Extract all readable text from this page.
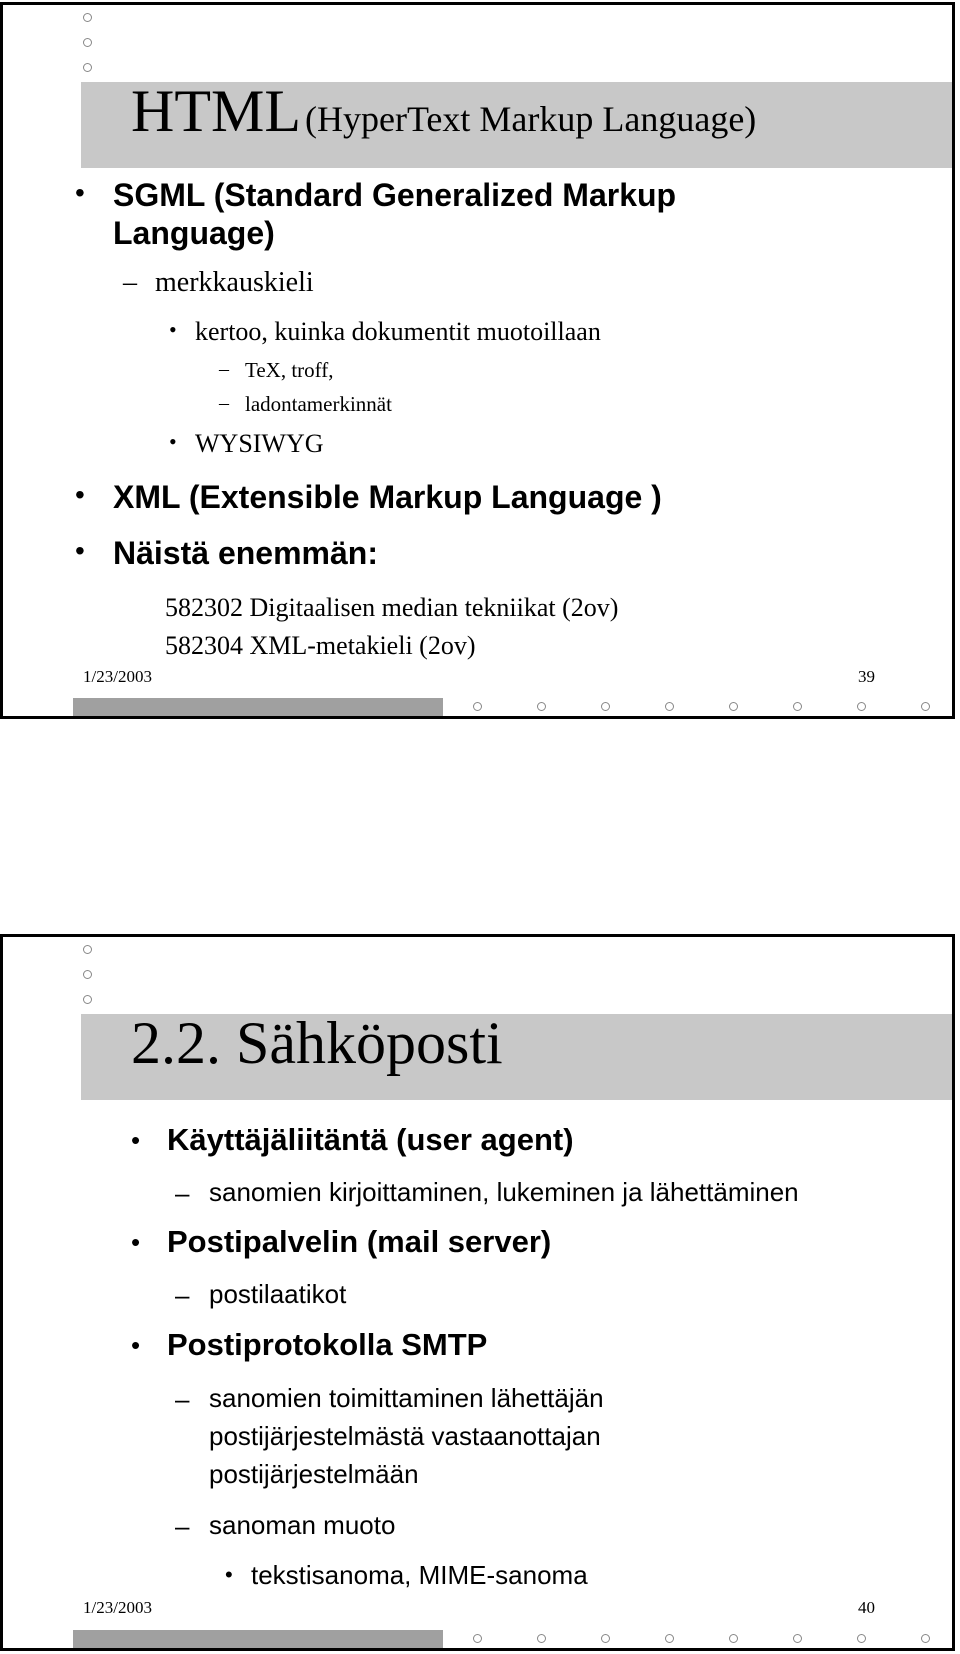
HTML (HyperText Markup Language)
• SGML (Standard Generalized Markup
Language)
– merkkauskieli
• kertoo, kuinka dokumentit muotoillaan
– TeX, troff,
– ladontamerkinnät
• WYSIWYG
• XML (Extensible Markup Language )
• Näistä enemmän:
582302 Digitaalisen median tekniikat (2ov)
582304 XML-metakieli (2ov)
1/23/2003	39
2.2. Sähköposti
• Käyttäjäliitäntä (user agent)
– sanomien kirjoittaminen, lukeminen ja lähettäminen
• Postipalvelin (mail server)
– postilaatikot
• Postiprotokolla SMTP
– sanomien toimittaminen lähettäjän
postijärjestelmästä vastaanottajan
postijärjestelmään
– sanoman muoto
• tekstisanoma, MIME-sanoma
1/23/2003	40
